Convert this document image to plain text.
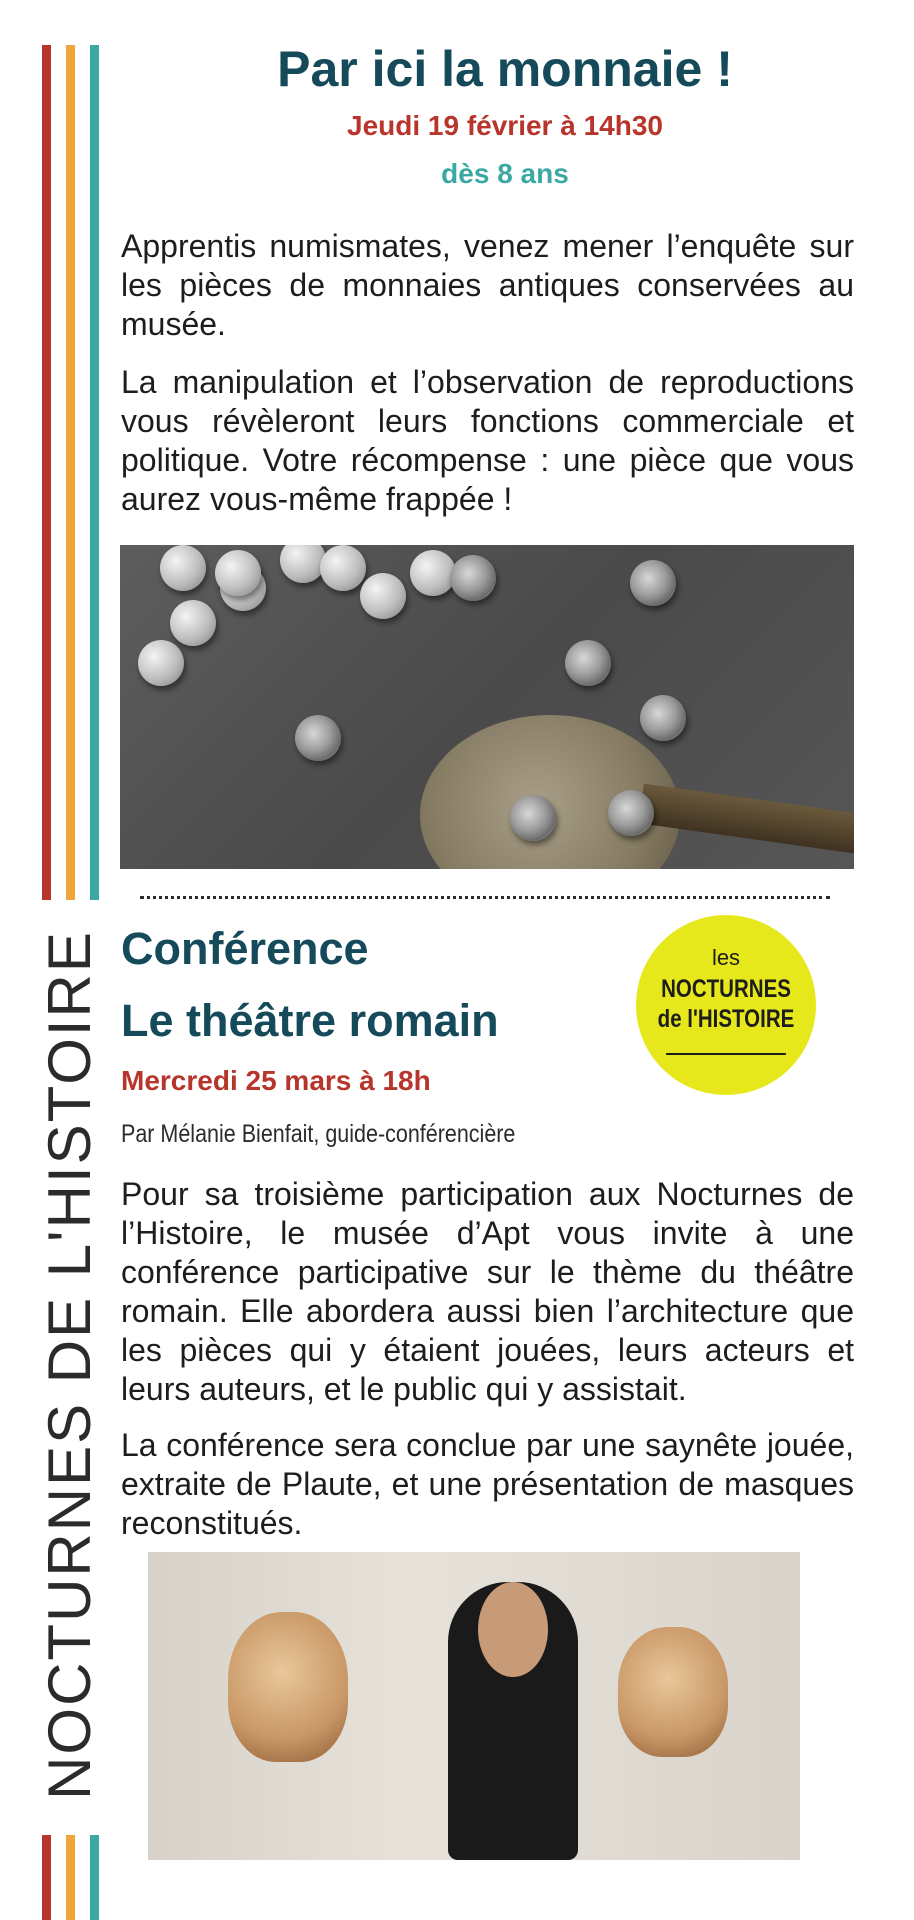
NOCTURNES DE L'HISTOIRE
Par ici la monnaie !
Jeudi 19 février à 14h30
dès 8 ans
Apprentis numismates, venez mener l’enquête sur les pièces de monnaies antiques conservées au musée.
La manipulation et l’observation de reproductions vous révèleront leurs fonctions commerciale et politique. Votre récompense : une pièce que vous aurez vous-même frappée !
Conférence
Le théâtre romain
Mercredi 25 mars à 18h
Par Mélanie Bienfait, guide-conférencière
les
NOCTURNES
de l'HISTOIRE
Pour sa troisième participation aux Nocturnes de l’Histoire, le musée d’Apt vous invite à une conférence participative sur le thème du théâtre romain. Elle abordera aussi bien l’architecture que les pièces qui y étaient jouées, leurs acteurs et leurs auteurs, et le public qui y assistait.
La conférence sera conclue par une saynête jouée, extraite de Plaute, et une présentation de masques reconstitués.
